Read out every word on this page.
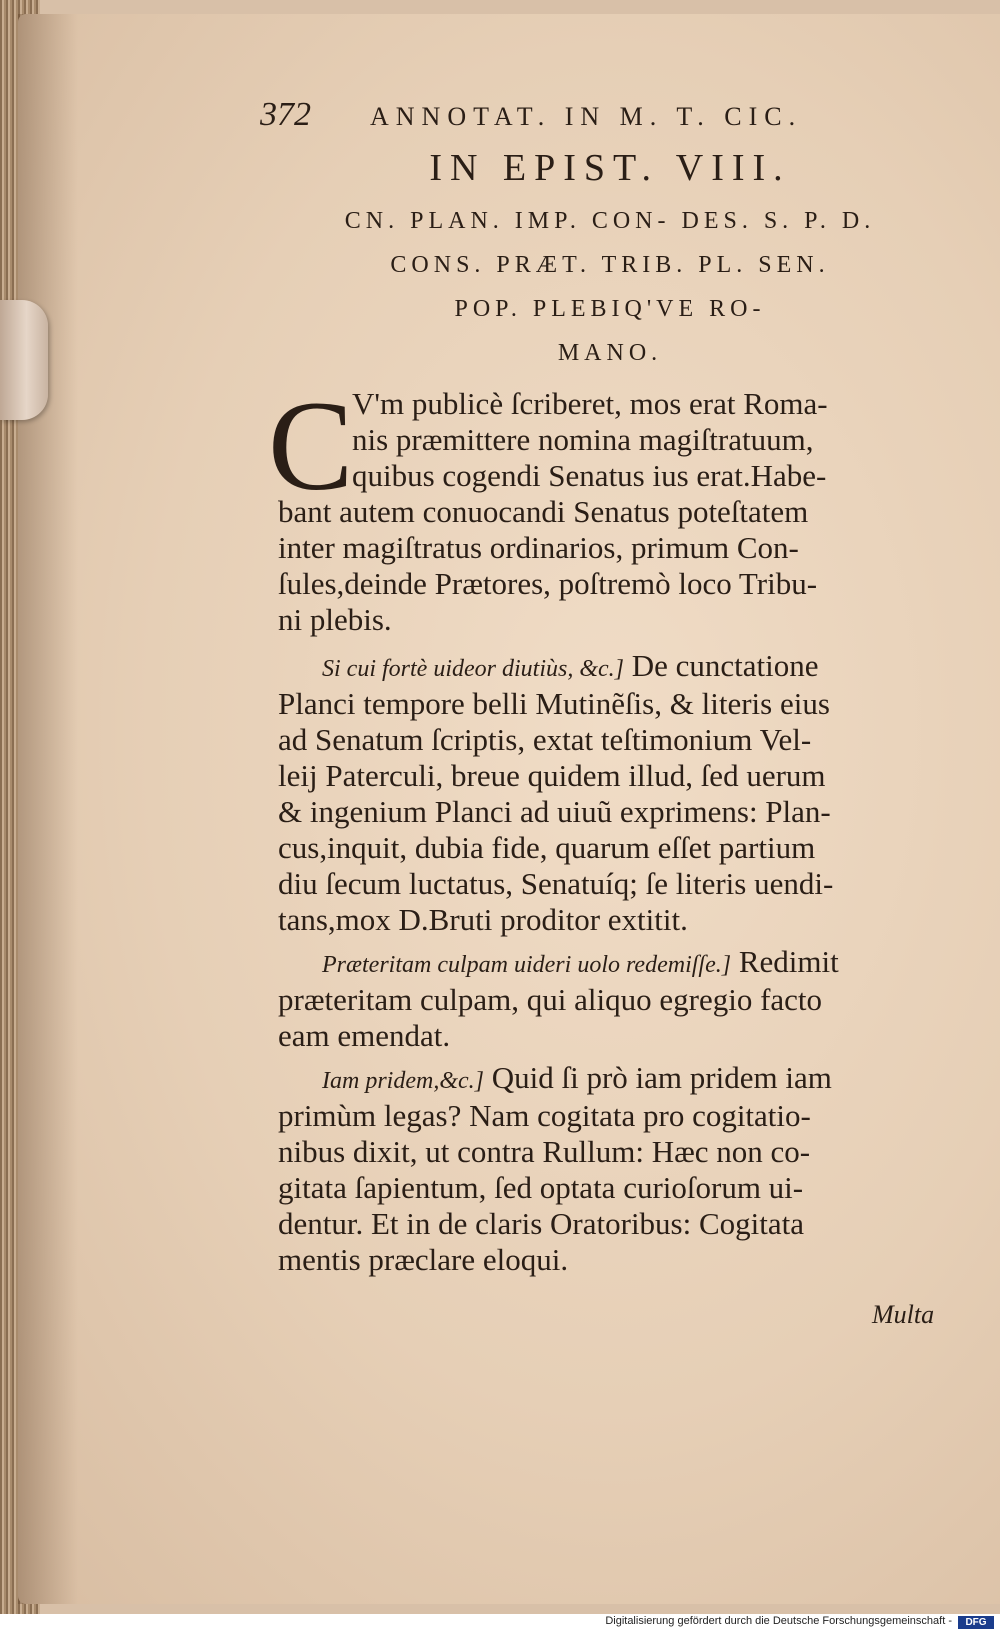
372 ANNOTAT. IN M. T. CIC.
IN EPIST. VIII.
CN. PLAN. IMP. CON- DES. S. P. D.
CONS. PRÆT. TRIB. PL. SEN.
POP. PLEBIQ'VE RO-
MANO.
C
V'm publicè ſcriberet, mos erat Roma-
nis præmittere nomina magiſtratuum,
quibus cogendi Senatus ius erat.Habe-
bant autem conuocandi Senatus poteſtatem
inter magiſtratus ordinarios, primum Con-
ſules,deinde Prætores, poſtremò loco Tribu-
ni plebis.
Si cui fortè uideor diutiùs, &c.] De cunctatione
Planci tempore belli Mutinẽſis, & literis eius
ad Senatum ſcriptis, extat teſtimonium Vel-
leij Paterculi, breue quidem illud, ſed uerum
& ingenium Planci ad uiuũ exprimens: Plan-
cus,inquit, dubia fide, quarum eſſet partium
diu ſecum luctatus, Senatuíq; ſe literis uendi-
tans,mox D.Bruti proditor extitit.
Præteritam culpam uideri uolo redemiſſe.] Redimit
præteritam culpam, qui aliquo egregio facto
eam emendat.
Iam pridem,&c.] Quid ſi prò iam pridem iam
primùm legas? Nam cogitata pro cogitatio-
nibus dixit, ut contra Rullum: Hæc non co-
gitata ſapientum, ſed optata curioſorum ui-
dentur. Et in de claris Oratoribus: Cogitata
mentis præclare eloqui.
Multa
Digitalisierung gefördert durch die Deutsche Forschungsgemeinschaft -	DFG
